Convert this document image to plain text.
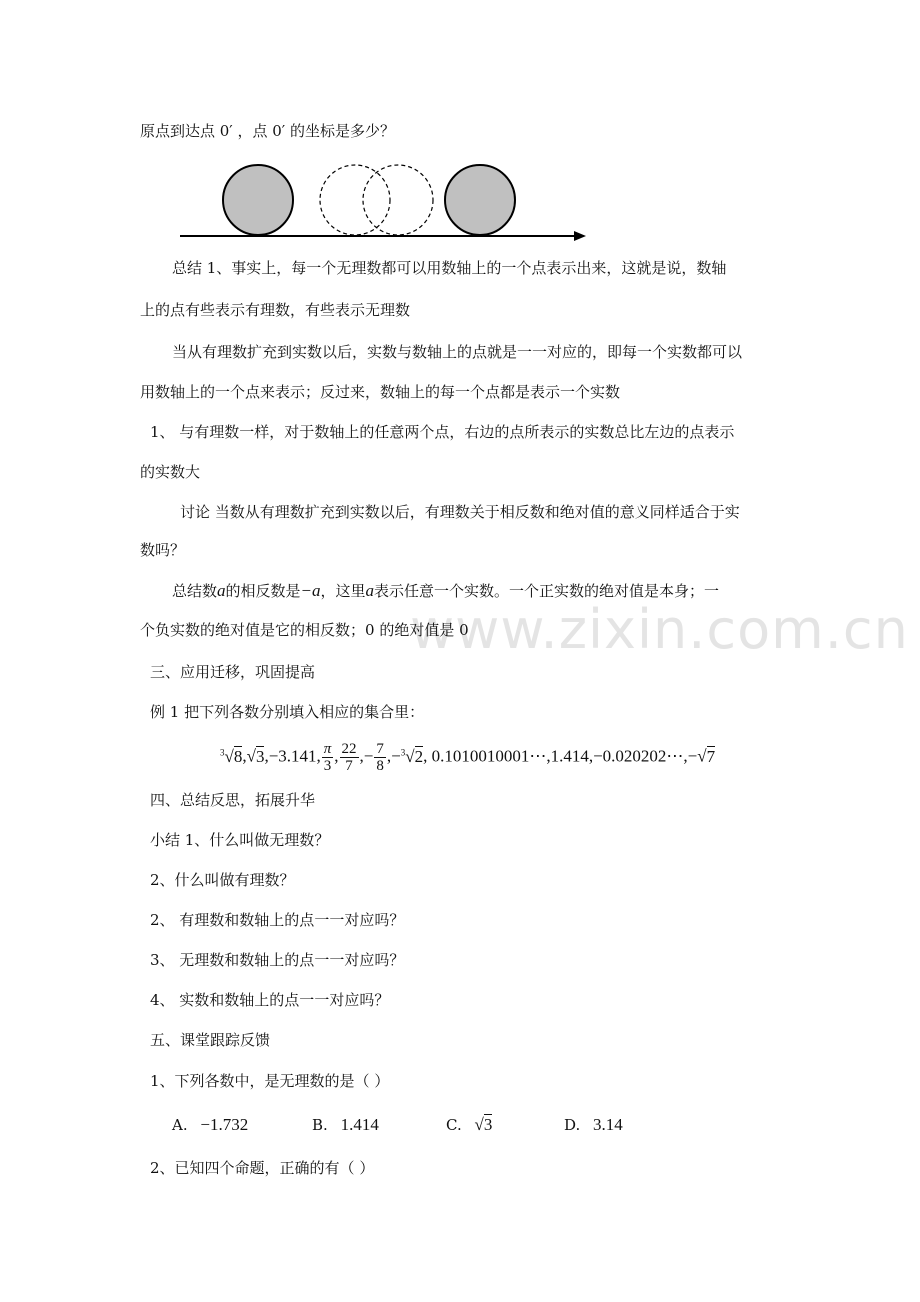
www.zixin.com.cn
原点到达点 0′ ，点 0′ 的坐标是多少？
总结 1、事实上，每一个无理数都可以用数轴上的一个点表示出来，这就是说，数轴
上的点有些表示有理数，有些表示无理数
当从有理数扩充到实数以后，实数与数轴上的点就是一一对应的，即每一个实数都可以
用数轴上的一个点来表示；反过来，数轴上的每一个点都是表示一个实数
1、 与有理数一样，对于数轴上的任意两个点，右边的点所表示的实数总比左边的点表示
的实数大
讨论 当数从有理数扩充到实数以后，有理数关于相反数和绝对值的意义同样适合于实
数吗？
总结数a的相反数是−a，这里a表示任意一个实数。一个正实数的绝对值是本身；一
个负实数的绝对值是它的相反数；0 的绝对值是 0
三、应用迁移，巩固提高
例 1 把下列各数分别填入相应的集合里：
$^3$√8,√3,−3.141, $\frac{\pi}{3}$ , $\frac{22}{7}$ ,− $\frac{7}{8} ,-^3√2$, 0.1010010001⋯,1.414,−0.020202⋯,−√7
四、总结反思，拓展升华
小结 1、什么叫做无理数？
2、什么叫做有理数？
2、 有理数和数轴上的点一一对应吗？
3、 无理数和数轴上的点一一对应吗？
4、 实数和数轴上的点一一对应吗？
五、课堂跟踪反馈
1、下列各数中，是无理数的是（ ）
A. −1.732	B. 1.414	C. √3	D. 3.14
2、已知四个命题，正确的有（ ）
